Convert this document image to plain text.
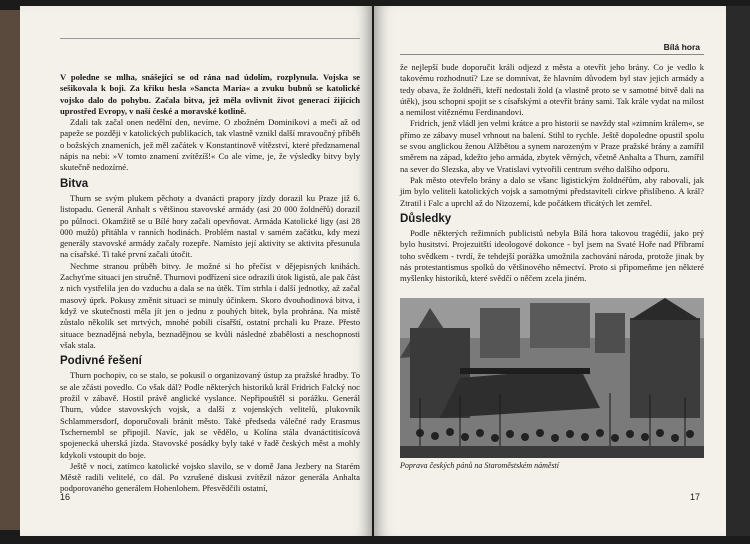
V poledne se mlha, snášející se od rána nad údolím, rozplynula. Vojska se sešikovala k boji. Za křiku hesla »Sancta Maria« a zvuku bubnů se katolické vojsko dalo do pohybu. Začala bitva, jež měla ovlivnit život generací žijících uprostřed Evropy, v naší české a moravské kotlině.

Zdali tak začal onen nedělní den, nevíme. O zbožném Dominikovi a meči až od papeže se později v katolických publikacích, tak vlastně vznikl další mravoučný příběh o božských znameních, jež měl začátek v Konstantinově vítězství, které předznamenal nápis na nebi: »V tomto znamení zvítězíš!« Co ale víme, je, že výsledky bitvy byly skutečně nedozírné.

Bitva

Thurn se svým plukem pěchoty a dvanácti prapory jízdy dorazil ku Praze již 6. listopadu. Generál Anhalt s většinou stavovské armády (asi 20 000 žoldnéřů) dorazil po půlnoci. Okamžitě se u Bílé hory začali opevňovat. Armáda Katolické ligy (asi 28 000 mužů) přitáhla v ranních hodinách. Problém nastal v samém začátku, kdy mezi generály stavovské armády začaly rozepře. Namísto její aktivity se aktivita přesunula na císařské. Ti také první začali útočit.

Nechme stranou průběh bitvy. Je možné si ho přečíst v dějepisných knihách. Zachyťme situaci jen stručně. Thurnovi podřízení sice odrazili útok ligistů, ale pak část z nich vystřelila jen do vzduchu a dala se na útěk. Tím strhla i další jednotky, až začal masový úprk. Pokusy změnit situaci se minuly účinkem. Skoro dvouhodinová bitva, i když ve skutečnosti měla jít jen o jednu z pouhých bitek, byla prohrána. Na místě zůstalo několik set mrtvých, mnohé pobili císařští, ostatní prchali ku Praze. Přesto situace beznadějná nebyla, beznadějnou se kvůli následné zbabělosti a neschopnosti však stala.

Podivné řešení

Thurn pochopiv, co se stalo, se pokusil o organizovaný ústup za pražské hradby. To se ale zčásti povedlo. Co však dál? Podle některých historiků král Fridrich Falcký noc prožil v zábavě. Hostil právě anglické vyslance. Nepřipouštěl si porážku. Generál Thurn, vůdce stavovských vojsk, a další z vojenských velitelů, plukovník Schlammersdorf, doporučovali bránit město. Také předseda válečné rady Erasmus Tschernembl se připojil. Navíc, jak se vědělo, u Kolína stála dvanáctitisícová spojenecká uherská jízda. Stavovské posádky byly také v řadě českých měst a mohly kdykoli vstoupit do boje.

Ještě v noci, zatímco katolické vojsko slavilo, se v domě Jana Jezbery na Starém Městě radili velitelé, co dál. Po vzrušené diskusi zvítězil názor generála Anhalta podporovaného generálem Hohenlohem. Přesvědčili ostatní,

16
Bílá hora

že nejlepší bude doporučit králi odjezd z města a otevřít jeho brány. Co je vedlo k takovému rozhodnutí? Lze se domnívat, že hlavním důvodem byl stav jejich armády a tedy obava, že žoldnéři, kteří nedostali žold (a vlastně proto se v samotné bitvě dali na útěk), jsou schopni spojit se s císařskými a otevřít brány sami. Tak krále vydat na milost a nemilost vítěznému Ferdinandovi.

Fridrich, jenž vládl jen velmi krátce a pro historii se navždy stal »zimním králem«, se přímo ze zábavy musel vrhnout na balení. Stihl to rychle. Ještě dopoledne opustil spolu se svou anglickou ženou Alžbětou a synem narozeným v Praze pražské brány a zamířil směrem na západ, kdežto jeho armáda, zbytek věrných, včetně Anhalta a Thurn, zamířil na sever do Slezska, aby ve Vratislavi vytvořili centrum svého dalšího odporu.

Pak město otevřelo brány a dalo se všanc ligistickým žoldnéřům, aby rabovali, jak jim bylo veliteli katolických vojsk a samotnými představiteli církve přislíbeno. A král? Ztratil i Falc a uprchl až do Nizozemí, kde počátkem třicátých let zemřel.

Důsledky

Podle některých režimních publicistů nebyla Bílá hora takovou tragédií, jako prý bylo husitství. Projezuitští ideologové dokonce - byl jsem na Svaté Hoře nad Příbramí toho svědkem - tvrdí, že tehdejší porážka umožnila zachování národa, protože jinak by nás protestantismus spolků do většinového němectví. Proto si připomeňme jen některé myšlenky historiků, které svědčí o něčem zcela jiném.

Poprava českých pánů na Staroměstském náměstí
17
